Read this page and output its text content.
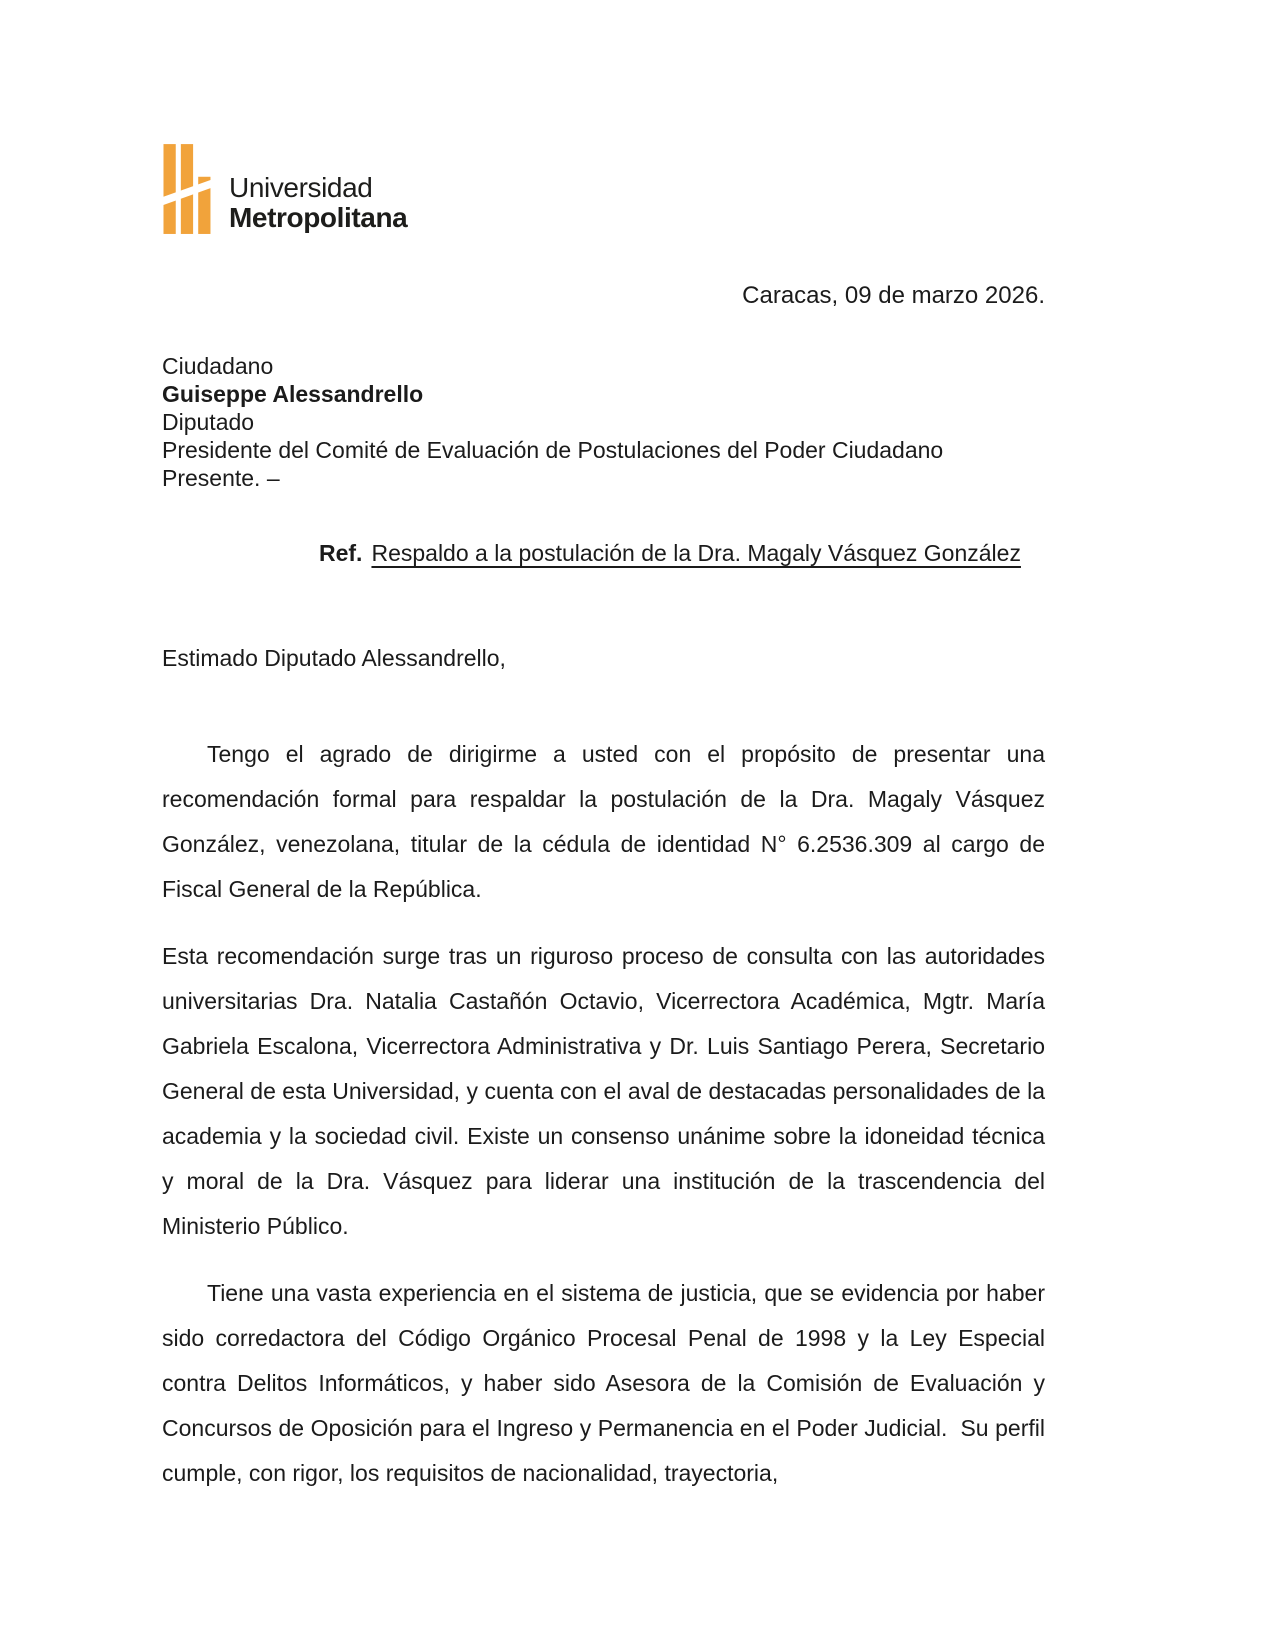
Universidad
Metropolitana
Caracas, 09 de marzo 2026.
Ciudadano
Guiseppe Alessandrello
Diputado
Presidente del Comité de Evaluación de Postulaciones del Poder Ciudadano
Presente. –
Ref. Respaldo a la postulación de la Dra. Magaly Vásquez González
Estimado Diputado Alessandrello,

Tengo el agrado de dirigirme a usted con el propósito de presentar una recomendación formal para respaldar la postulación de la Dra. Magaly Vásquez González, venezolana, titular de la cédula de identidad N° 6.2536.309 al cargo de Fiscal General de la República.

Esta recomendación surge tras un riguroso proceso de consulta con las autoridades universitarias Dra. Natalia Castañón Octavio, Vicerrectora Académica, Mgtr. María Gabriela Escalona, Vicerrectora Administrativa y Dr. Luis Santiago Perera, Secretario General de esta Universidad, y cuenta con el aval de destacadas personalidades de la academia y la sociedad civil. Existe un consenso unánime sobre la idoneidad técnica y moral de la Dra. Vásquez para liderar una institución de la trascendencia del Ministerio Público.

Tiene una vasta experiencia en el sistema de justicia, que se evidencia por haber sido corredactora del Código Orgánico Procesal Penal de 1998 y la Ley Especial contra Delitos Informáticos, y haber sido Asesora de la Comisión de Evaluación y Concursos de Oposición para el Ingreso y Permanencia en el Poder Judicial.  Su perfil cumple, con rigor, los requisitos de nacionalidad, trayectoria,
